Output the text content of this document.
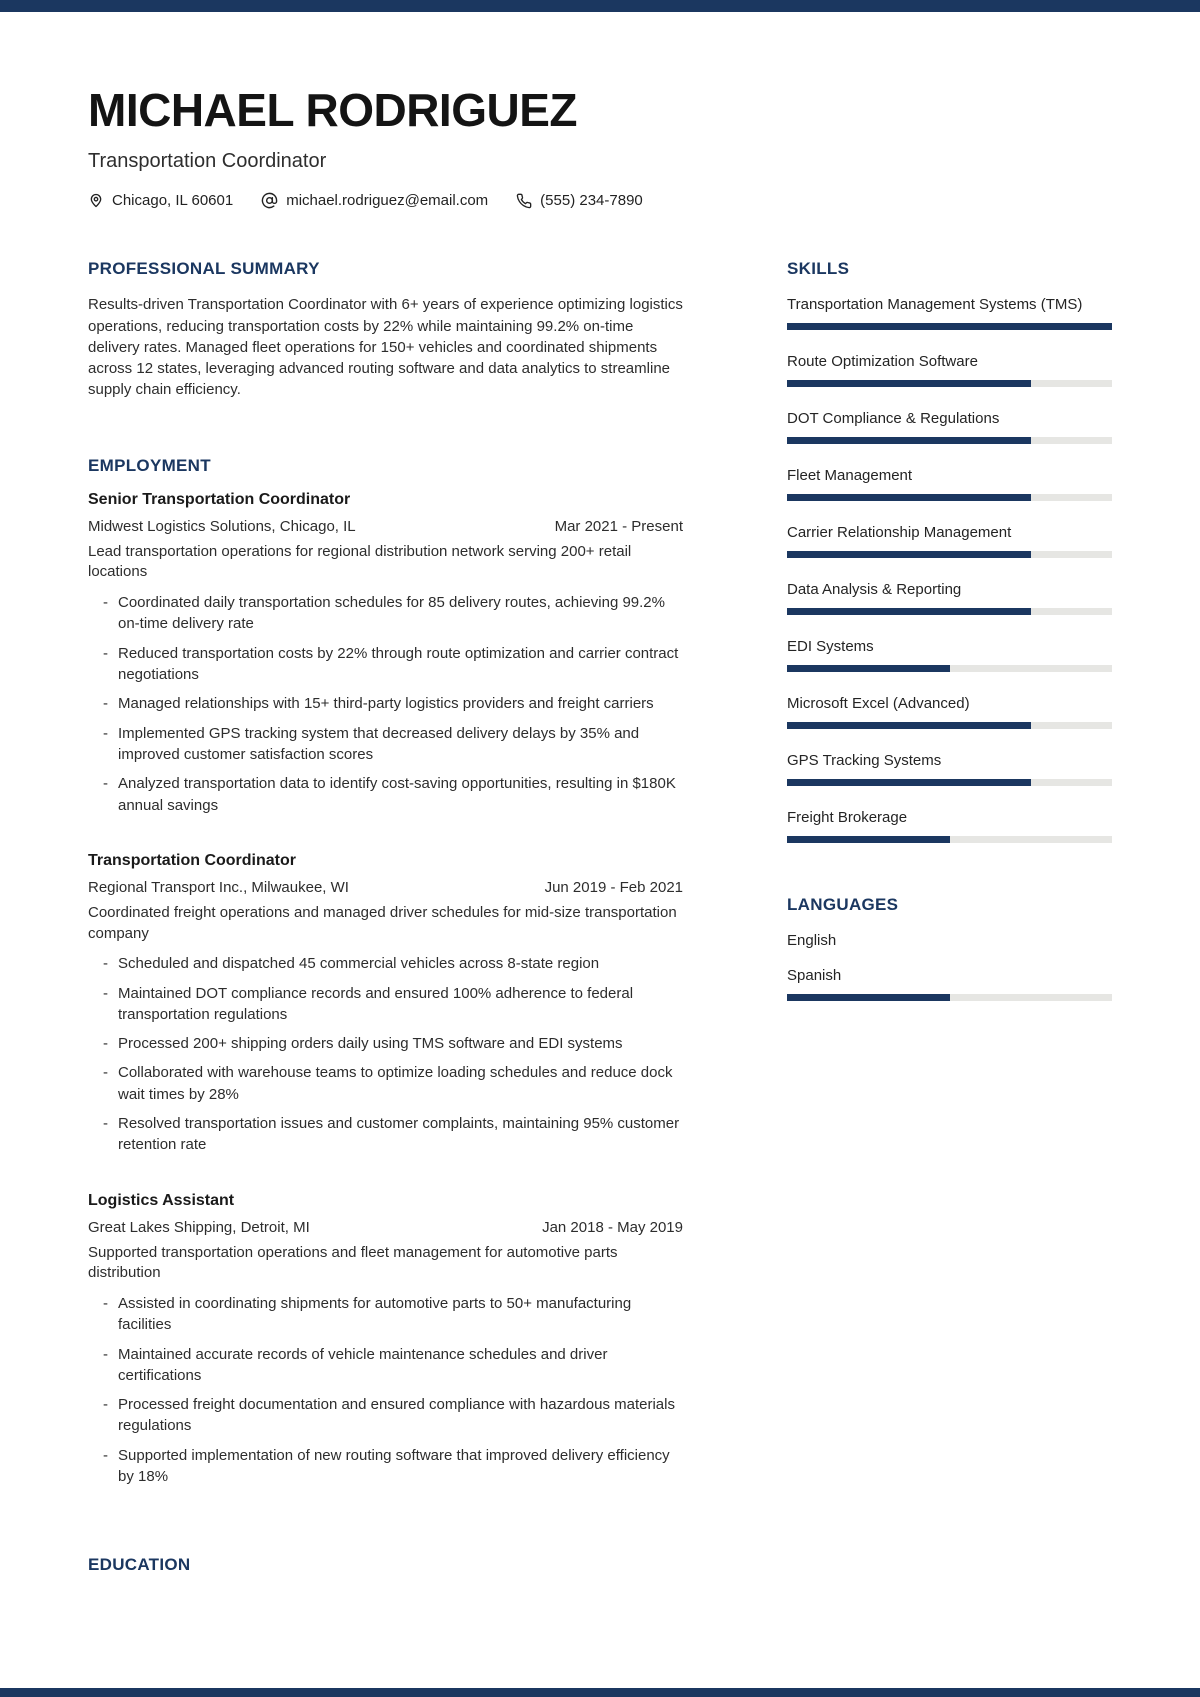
MICHAEL RODRIGUEZ
Transportation Coordinator
Chicago, IL 60601	michael.rodriguez@email.com	(555) 234-7890
PROFESSIONAL SUMMARY

Results-driven Transportation Coordinator with 6+ years of experience optimizing logistics operations, reducing transportation costs by 22% while maintaining 99.2% on-time delivery rates. Managed fleet operations for 150+ vehicles and coordinated shipments across 12 states, leveraging advanced routing software and data analytics to streamline supply chain efficiency.

EMPLOYMENT
Senior Transportation Coordinator
Midwest Logistics Solutions, Chicago, IL	Mar 2021 - Present
Lead transportation operations for regional distribution network serving 200+ retail locations
- Coordinated daily transportation schedules for 85 delivery routes, achieving 99.2% on-time delivery rate
- Reduced transportation costs by 22% through route optimization and carrier contract negotiations
- Managed relationships with 15+ third-party logistics providers and freight carriers
- Implemented GPS tracking system that decreased delivery delays by 35% and improved customer satisfaction scores
- Analyzed transportation data to identify cost-saving opportunities, resulting in $180K annual savings
Transportation Coordinator
Regional Transport Inc., Milwaukee, WI	Jun 2019 - Feb 2021
Coordinated freight operations and managed driver schedules for mid-size transportation company
- Scheduled and dispatched 45 commercial vehicles across 8-state region
- Maintained DOT compliance records and ensured 100% adherence to federal transportation regulations
- Processed 200+ shipping orders daily using TMS software and EDI systems
- Collaborated with warehouse teams to optimize loading schedules and reduce dock wait times by 28%
- Resolved transportation issues and customer complaints, maintaining 95% customer retention rate
Logistics Assistant
Great Lakes Shipping, Detroit, MI	Jan 2018 - May 2019
Supported transportation operations and fleet management for automotive parts distribution
- Assisted in coordinating shipments for automotive parts to 50+ manufacturing facilities
- Maintained accurate records of vehicle maintenance schedules and driver certifications
- Processed freight documentation and ensured compliance with hazardous materials regulations
- Supported implementation of new routing software that improved delivery efficiency by 18%
EDUCATION
SKILLS
Transportation Management Systems (TMS)
Route Optimization Software
DOT Compliance & Regulations
Fleet Management
Carrier Relationship Management
Data Analysis & Reporting
EDI Systems
Microsoft Excel (Advanced)
GPS Tracking Systems
Freight Brokerage
LANGUAGES
English
Spanish
